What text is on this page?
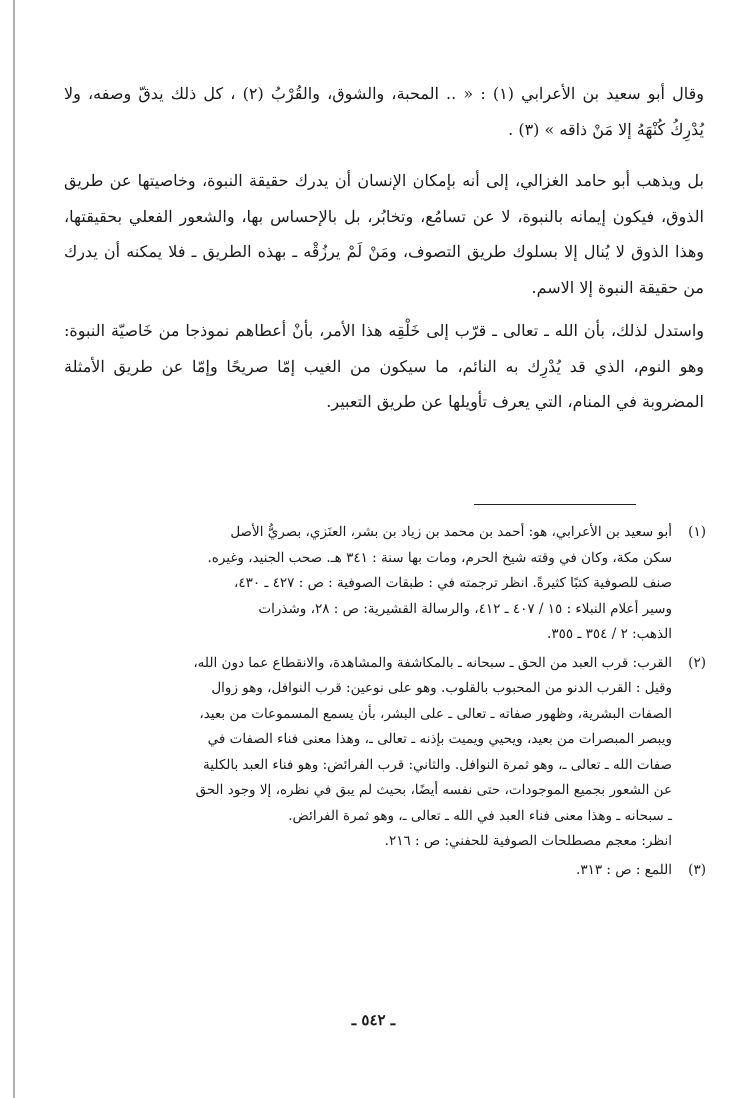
وقال أبو سعيد بن الأعرابي (١) : « .. المحبة، والشوق، والقُرْبُ (٢) ، كل ذلك يدقّ وصفه، ولا يُدْرِكُ كُنْهَهُ إلا مَنْ ذاقه » (٣) .

بل ويذهب أبو حامد الغزالي، إلى أنه بإمكان الإنسان أن يدرك حقيقة النبوة، وخاصيتها عن طريق الذوق، فيكون إيمانه بالنبوة، لا عن تسامُع، وتخابُر، بل بالإحساس بها، والشعور الفعلي بحقيقتها، وهذا الذوق لا يُنال إلا بسلوك طريق التصوف، ومَنْ لَمْ يرزُقْه ـ بهذه الطريق ـ فلا يمكنه أن يدرك من حقيقة النبوة إلا الاسم.

واستدل لذلك، بأن الله ـ تعالى ـ قرّب إلى خَلْقِه هذا الأمر، بأنْ أعطاهم نموذجا من خَاصيّة النبوة: وهو النوم، الذي قد يُدْرِك به النائم، ما سيكون من الغيب إمّا صريحًا وإمّا عن طريق الأمثلة المضروبة في المنام، التي يعرف تأويلها عن طريق التعبير.

(١)
أبو سعيد بن الأعرابي، هو: أحمد بن محمد بن زياد بن بشر، العنَزي، بصريُّ الأصل
سكن مكة، وكان في وقته شيخ الحرم، ومات بها سنة : ٣٤١ هـ. صحب الجنيد، وغيره.
صنف للصوفية كتبًا كثيرةً. انظر ترجمته في : طبقات الصوفية : ص : ٤٢٧ ـ ٤٣٠،
وسير أعلام النبلاء : ١٥ / ٤٠٧ ـ ٤١٢، والرسالة القشيرية: ص : ٢٨، وشذرات
الذهب: ٢ / ٣٥٤ ـ ٣٥٥.
(٢)
القرب: قرب العبد من الحق ـ سبحانه ـ بالمكاشفة والمشاهدة، والانقطاع عما دون الله،
وقيل : القرب الدنو من المحبوب بالقلوب. وهو على نوعين: قرب النوافل، وهو زوال
الصفات البشرية، وظهور صفاته ـ تعالى ـ على البشر، بأن يسمع المسموعات من بعيد،
ويبصر المبصرات من بعيد، ويحيي ويميت بإذنه ـ تعالى ـ، وهذا معنى فناء الصفات في
صفات الله ـ تعالى ـ، وهو ثمرة النوافل. والثاني: قرب الفرائض: وهو فناء العبد بالكلية
عن الشعور بجميع الموجودات، حتى نفسه أيضًا، بحيث لم يبق في نظره، إلا وجود الحق
ـ سبحانه ـ وهذا معنى فناء العبد في الله ـ تعالى ـ، وهو ثمرة الفرائض.
انظر: معجم مصطلحات الصوفية للحفني: ص : ٢١٦.
(٣)
اللمع : ص : ٣١٣.
ـ ٥٤٢ ـ
